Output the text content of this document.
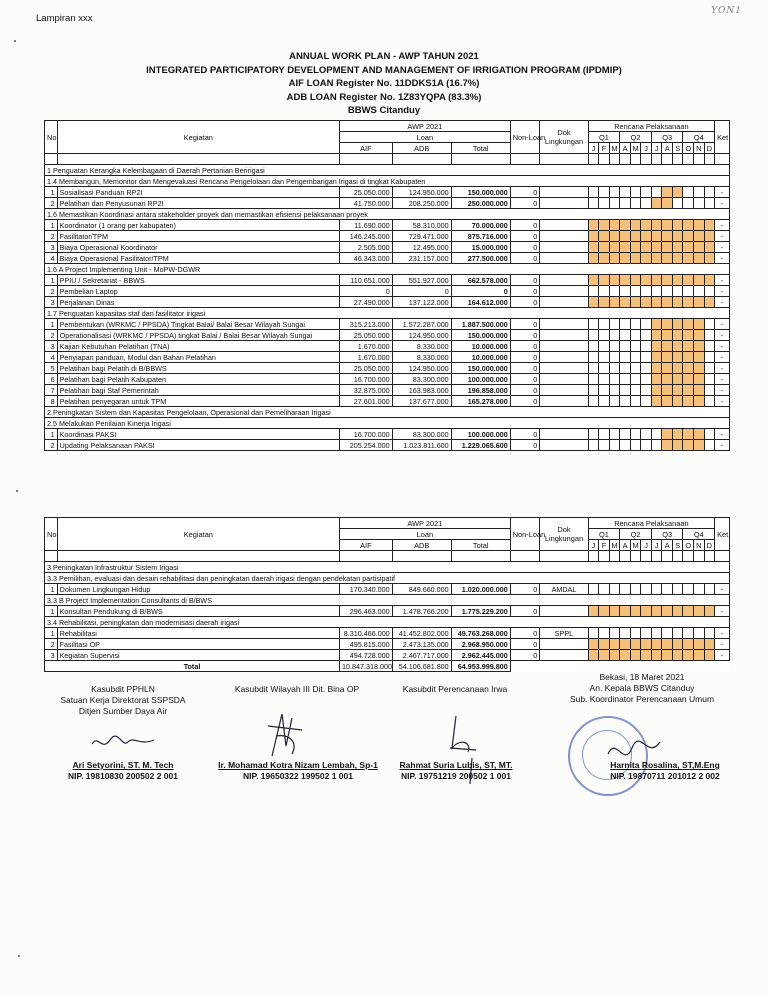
YON1
Lampiran xxx
ANNUAL WORK PLAN - AWP TAHUN 2021
INTEGRATED PARTICIPATORY DEVELOPMENT AND MANAGEMENT OF IRRIGATION PROGRAM (IPDMIP)
AIF LOAN Register No. 11DDKS1A (16.7%)
ADB LOAN Register No. 1Z83YQPA (83.3%)
BBWS Citanduy
No	Kegiatan	AWP 2021			Non-Loan	Dok
Lingkungan	Rencana Pelaksanaan												Ket
		Loan					Q1			Q2			Q3			Q4			
		AIF	ADB	Total			J	F	M	A	M	J	J	A	S	O	N	D	

1 Penguatan Kerangka Kelembagaan di Daerah Pertanian Beririgasi																			
1.4 Membangun, Memonitor dan Mengevaluasi Rencana Pengelolaan dan Pengembangan Irigasi di tingkat Kabupaten																			
1	Sosialisasi Panduan RP2I	25.050.000	124.950.000	150.000.000	0														-
2	Pelatihan dan Penyusunan RP2I	41.750.000	208.250.000	250.000.000	0														-
1.6 Memastikan Koordinasi antara stakeholder proyek dan memastikan efisiensi pelaksanaan proyek																			
1	Koordinator (1 orang per kabupaten)	11.690.000	58.310.000	70.000.000	0														-
2	Fasilitator/TPM	146.245.000	729.471.000	875.716.000	0														-
3	Biaya Operasional Koordinator	2.505.000	12.495.000	15.000.000	0														-
4	Biaya Operasional Fasilitator/TPM	46.343.000	231.157.000	277.500.000	0														-
1.6 A Project Implementing Unit - MoPW-DGWR																			
1	PPIU / Sekretariat - BBWS	110.651.000	551.927.000	662.578.000	0														-
2	Pembelian Laptop	0	0	0	0														-
3	Perjalanan Dinas	27.490.000	137.122.000	164.612.000	0														-
1.7 Penguatan kapasitas staf dan fasilitator irigasi																			
1	Pembentukan (WRKMC / PPSDA) Tingkat Balai/ Balai Besar Wilayah Sungai	315.213.000	1.572.287.000	1.887.500.000	0														-
2	Operationalisasi (WRKMC / PPSDA) tingkat Balai / Balai Besar Wilayah Sungai	25.050.000	124.950.000	150.000.000	0														-
3	Kajian Kebutuhan Pelatihan (TNA)	1.670.000	8.330.000	10.000.000	0														-
4	Penyiapan panduan, Modul dan Bahan Pelatihan	1.670.000	8.330.000	10.000.000	0														-
5	Pelatihan bagi Pelatih di B/BBWS	25.050.000	124.950.000	150.000.000	0														-
6	Pelatihan bagi Pelatih Kabupaten	16.700.000	83.300.000	100.000.000	0														-
7	Pelatihan bagi Staf Pemerintah	32.875.000	163.983.000	196.858.000	0														-
8	Pelatihan penyegaran untuk TPM	27.601.000	137.677.000	165.278.000	0														-
2 Peningkatan Sistem dan Kapasitas Pengelolaan, Operasional dan Pemeliharaan Irigasi																			
2.5 Melakukan Penilaian Kinerja Irigasi																			
1	Koordinasi PAKSI	16.700.000	83.300.000	100.000.000	0														-
2	Updating Pelaksanaan PAKSI	205.254.000	1.023.811.600	1.229.065.600	0														-
No	Kegiatan	AWP 2021			Non-Loan	Dok
Lingkungan	Rencana Pelaksanaan												Ket
		Loan					Q1			Q2			Q3			Q4			
		AIF	ADB	Total			J	F	M	A	M	J	J	A	S	O	N	D	

3 Peningkatan Infrastruktur Sistem Irigasi																			
3.3 Pemilihan, evaluasi dan desain rehabilitasi dan peningkatan daerah irigasi dengan pendekatan partisipatif																			
1	Dokumen Lingkungan Hidup	170.340.000	849.660.000	1.020.000.000	0	AMDAL													-
3.3 B Project Implementation Consultants di B/BWS																			
1	Konsultan Pendukung di B/BWS	296.463.000	1.478.766.200	1.775.229.200	0														-
3.4 Rehabilitasi, peningkatan dan modernisasi daerah irigasi																			
1	Rehabilitasi	8.310.466.000	41.452.802.000	49.763.268.000	0	SPPL													-
2	Fasilitasi OP	495.815.000	2.473.135.000	2.968.950.000	0														-
3	Kegiatan Supervisi	494.728.000	2.467.717.000	2.962.445.000	0														-
Total		10.847.318.000	54.106.681.800	64.953.999.800															
Bekasi, 18 Maret 2021
An. Kepala BBWS Citanduy
Sub. Koordinator Perencanaan Umum
Kasubdit PPHLN
Satuan Kerja Direktorat SSPSDA
Ditjen Sumber Daya Air
Kasubdit Wilayah III Dit. Bina OP	Kasubdit Perencanaan Irwa
Ari Setyorini, ST. M. Tech
NIP. 19810830 200502 2 001
Ir. Mohamad Kotra Nizam Lembah, Sp-1
NIP. 19650322 199502 1 001
Rahmat Suria Lubis, ST, MT.
NIP. 19751219 200502 1 001
Harnita Rosalina, ST,M.Eng
NIP. 19870711 201012 2 002
